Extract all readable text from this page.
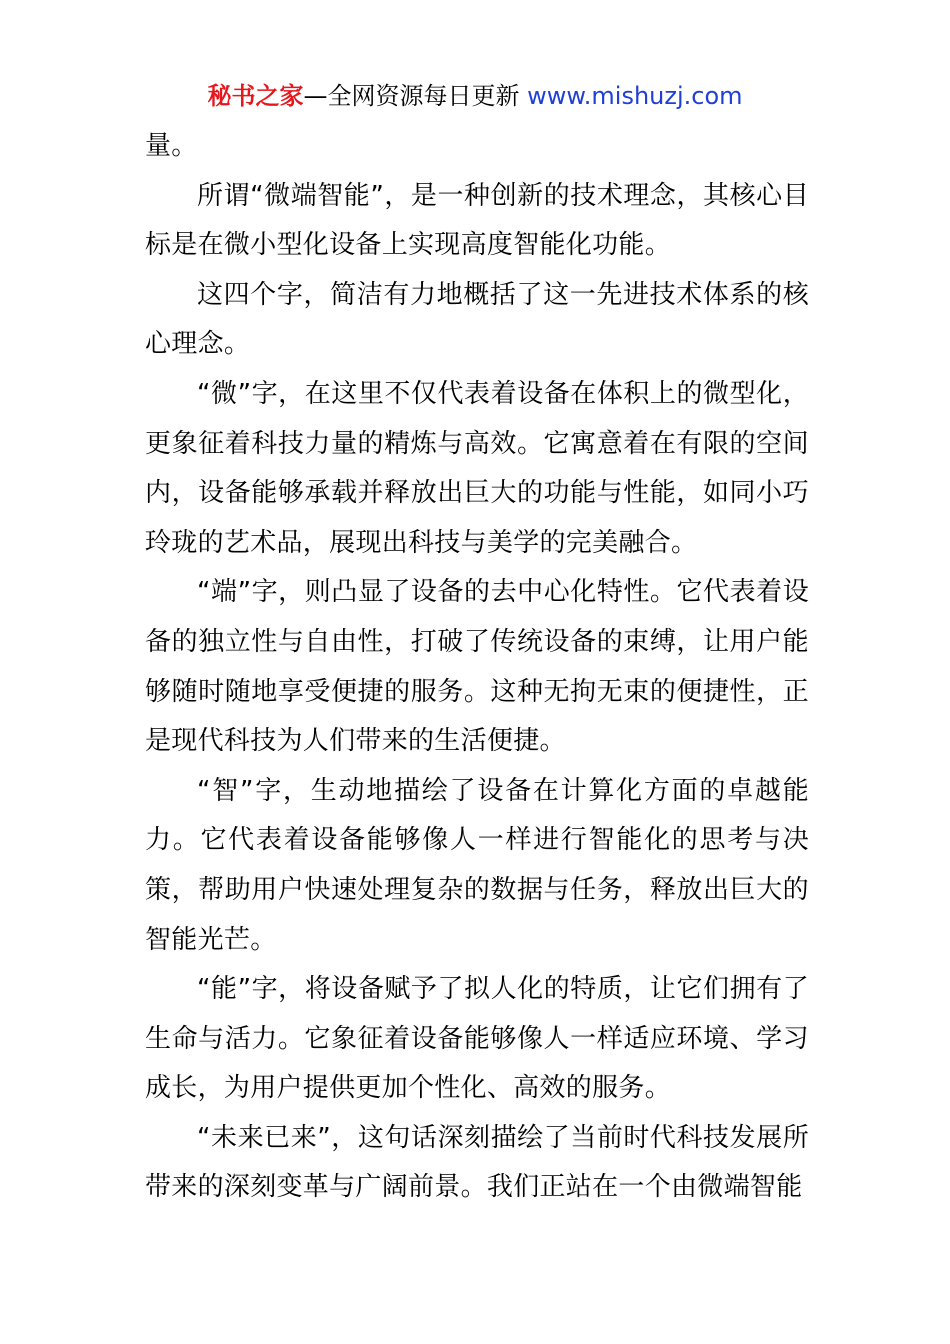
秘书之家—全网资源每日更新 www.mishuzj.com

量。

所谓“微端智能”，是一种创新的技术理念，其核心目标是在微小型化设备上实现高度智能化功能。

这四个字，简洁有力地概括了这一先进技术体系的核心理念。

“微”字，在这里不仅代表着设备在体积上的微型化，更象征着科技力量的精炼与高效。它寓意着在有限的空间内，设备能够承载并释放出巨大的功能与性能，如同小巧玲珑的艺术品，展现出科技与美学的完美融合。

“端”字，则凸显了设备的去中心化特性。它代表着设备的独立性与自由性，打破了传统设备的束缚，让用户能够随时随地享受便捷的服务。这种无拘无束的便捷性，正是现代科技为人们带来的生活便捷。

“智”字，生动地描绘了设备在计算化方面的卓越能力。它代表着设备能够像人一样进行智能化的思考与决策，帮助用户快速处理复杂的数据与任务，释放出巨大的智能光芒。

“能”字，将设备赋予了拟人化的特质，让它们拥有了生命与活力。它象征着设备能够像人一样适应环境、学习成长，为用户提供更加个性化、高效的服务。

“未来已来”，这句话深刻描绘了当前时代科技发展所带来的深刻变革与广阔前景。我们正站在一个由微端智能
